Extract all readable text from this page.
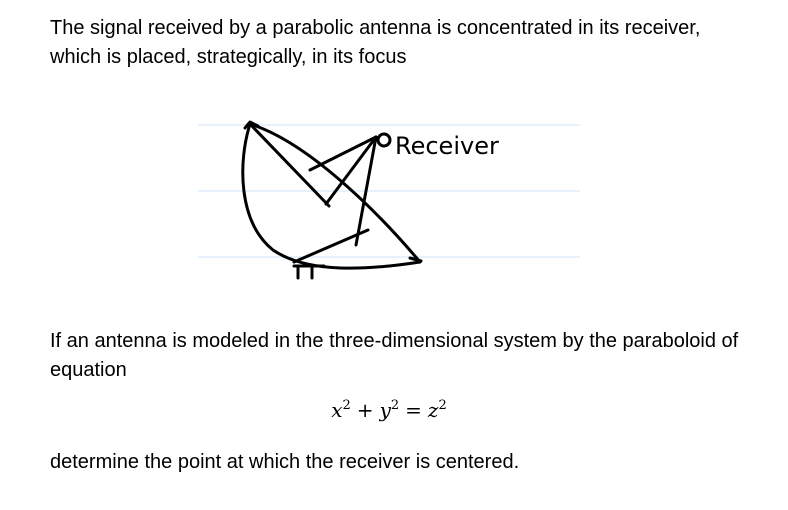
The signal received by a parabolic antenna is concentrated in its receiver, which is placed, strategically, in its focus

Receiver

If an antenna is modeled in the three-dimensional system by the paraboloid of equation

$x^2 + y^2 = z^2$

determine the point at which the receiver is centered.
